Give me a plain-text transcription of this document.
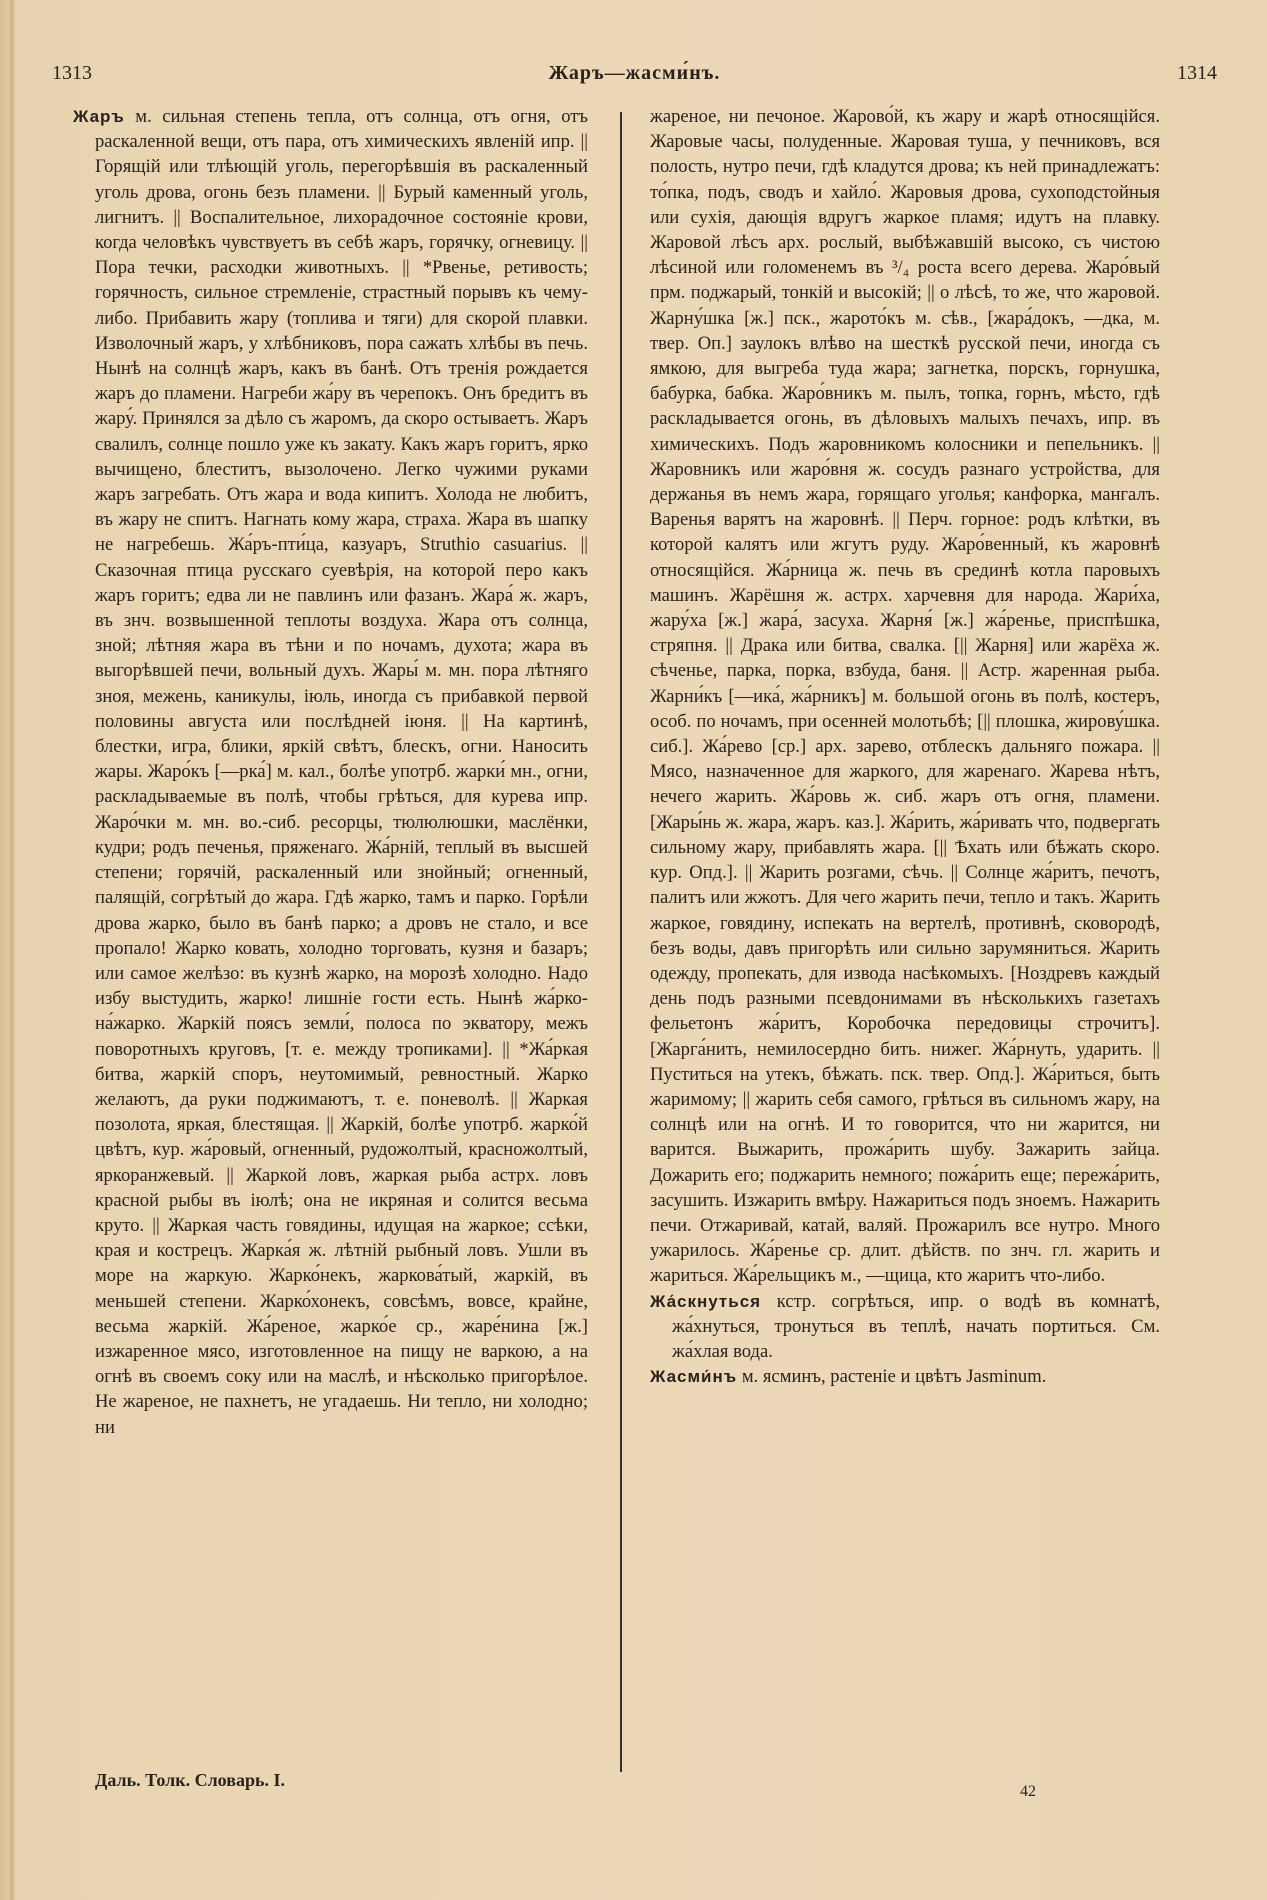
1313	Жаръ—жасми́нъ.	1314

Жаръ м. сильная степень тепла, отъ солнца, отъ огня, отъ раскаленной вещи, отъ пара, отъ химическихъ явленій ипр. || Горящій или тлѣющій уголь, перегорѣвшія въ раскаленный уголь дрова, огонь безъ пламени. || Бурый каменный уголь, лигнитъ. || Воспалительное, лихорадочное состояніе крови, когда человѣкъ чувствуетъ въ себѣ жаръ, горячку, огневицу. || Пора течки, расходки животныхъ. || *Рвенье, ретивость; горячность, сильное стремленіе, страстный порывъ къ чему-либо. Прибавить жару (топлива и тяги) для скорой плавки. Изволочный жаръ, у хлѣбниковъ, пора сажать хлѣбы въ печь. Нынѣ на солнцѣ жаръ, какъ въ банѣ. Отъ тренія рождается жаръ до пламени. Нагреби жа́ру въ черепокъ. Онъ бредитъ въ жару́. Принялся за дѣло съ жаромъ, да скоро остываетъ. Жаръ свалилъ, солнце пошло уже къ закату. Какъ жаръ горитъ, ярко вычищено, блеститъ, вызолочено. Легко чужими руками жаръ загребать. Отъ жара и вода кипитъ. Холода не любитъ, въ жару не спитъ. Нагнать кому жара, страха. Жара въ шапку не нагребешь. Жа́ръ-пти́ца, казуаръ, Struthio casuarius. || Сказочная птица русскаго суевѣрія, на которой перо какъ жаръ горитъ; едва ли не павлинъ или фазанъ. Жара́ ж. жаръ, въ знч. возвышенной теплоты воздуха. Жара отъ солнца, зной; лѣтняя жара въ тѣни и по ночамъ, духота; жара въ выгорѣвшей печи, вольный духъ. Жары́ м. мн. пора лѣтняго зноя, межень, каникулы, іюль, иногда съ прибавкой первой половины августа или послѣдней іюня. || На картинѣ, блестки, игра, блики, яркій свѣтъ, блескъ, огни. Наносить жары. Жаро́къ [—рка́] м. кал., болѣе употрб. жарки́ мн., огни, раскладываемые въ полѣ, чтобы грѣться, для курева ипр. Жаро́чки м. мн. во.-сиб. ресорцы, тюлюлюшки, маслёнки, кудри; родъ печенья, пряженаго. Жа́рній, теплый въ высшей степени; горячій, раскаленный или знойный; огненный, палящій, согрѣтый до жара. Гдѣ жарко, тамъ и парко. Горѣли дрова жарко, было въ банѣ парко; а дровъ не стало, и все пропало! Жарко ковать, холодно торговать, кузня и базаръ; или самое желѣзо: въ кузнѣ жарко, на морозѣ холодно. Надо избу выстудить, жарко! лишніе гости есть. Нынѣ жа́рко-на́жарко. Жаркій поясъ земли́, полоса по экватору, межъ поворотныхъ круговъ, [т. е. между тропиками]. || *Жа́ркая битва, жаркій споръ, неутомимый, ревностный. Жарко желаютъ, да руки поджимаютъ, т. е. поневолѣ. || Жаркая позолота, яркая, блестящая. || Жаркій, болѣе употрб. жарко́й цвѣтъ, кур. жа́ровый, огненный, рудожолтый, красножолтый, яркоранжевый. || Жаркой ловъ, жаркая рыба астрх. ловъ красной рыбы въ іюлѣ; она не икряная и солится весьма круто. || Жаркая часть говядины, идущая на жаркое; ссѣки, края и кострецъ. Жарка́я ж. лѣтній рыбный ловъ. Ушли въ море на жаркую. Жарко́некъ, жаркова́тый, жаркій, въ меньшей степени. Жарко́хонекъ, совсѣмъ, вовсе, крайне, весьма жаркій. Жа́реное, жарко́е ср., жаре́нина [ж.] изжаренное мясо, изготовленное на пищу не варкою, а на огнѣ въ своемъ соку или на маслѣ, и нѣсколько пригорѣлое. Не жареное, не пахнетъ, не угадаешь. Ни тепло, ни холодно; ни

жареное, ни печоное. Жарово́й, къ жару и жарѣ относящійся. Жаровые часы, полуденные. Жаровая туша, у печниковъ, вся полость, нутро печи, гдѣ кладутся дрова; къ ней принадлежатъ: то́пка, подъ, сводъ и хайло́. Жаровыя дрова, сухоподстойныя или сухія, дающія вдругъ жаркое пламя; идутъ на плавку. Жаровой лѣсъ арх. рослый, выбѣжавшій высоко, съ чистою лѣсиной или голоменемъ въ ³/₄ роста всего дерева. Жаро́вый прм. поджарый, тонкій и высокій; || о лѣсѣ, то же, что жаровой. Жарну́шка [ж.] пск., жарото́къ м. сѣв., [жара́докъ, —дка, м. твер. Оп.] заулокъ влѣво на шесткѣ русской печи, иногда съ ямкою, для выгреба туда жара; загнетка, порскъ, горнушка, бабурка, бабка. Жаро́вникъ м. пылъ, топка, горнъ, мѣсто, гдѣ раскладывается огонь, въ дѣловыхъ малыхъ печахъ, ипр. въ химическихъ. Подъ жаровникомъ колосники и пепельникъ. || Жаровникъ или жаро́вня ж. сосудъ разнаго устройства, для держанья въ немъ жара, горящаго уголья; канфорка, мангалъ. Варенья варятъ на жаровнѣ. || Перч. горное: родъ клѣтки, въ которой калятъ или жгутъ руду. Жаро́венный, къ жаровнѣ относящійся. Жа́рница ж. печь въ срединѣ котла паровыхъ машинъ. Жарёшня ж. астрх. харчевня для народа. Жари́ха, жару́ха [ж.] жара́, засуха. Жарня́ [ж.] жа́ренье, приспѣшка, стряпня. || Драка или битва, свалка. [|| Жарня] или жарёха ж. сѣченье, парка, порка, взбуда, баня. || Астр. жаренная рыба. Жарни́къ [—ика́, жа́рникъ] м. большой огонь въ полѣ, костеръ, особ. по ночамъ, при осенней молотьбѣ; [|| плошка, жирову́шка. сиб.]. Жа́рево [ср.] арх. зарево, отблескъ дальняго пожара. || Мясо, назначенное для жаркого, для жаренаго. Жарева нѣтъ, нечего жарить. Жа́ровь ж. сиб. жаръ отъ огня, пламени. [Жары́нь ж. жара, жаръ. каз.]. Жа́рить, жа́ривать что, подвергать сильному жару, прибавлять жара. [|| Ѣхать или бѣжать скоро. кур. Опд.]. || Жарить розгами, сѣчь. || Солнце жа́ритъ, печотъ, палитъ или жжотъ. Для чего жарить печи, тепло и такъ. Жарить жаркое, говядину, испекать на вертелѣ, противнѣ, сковородѣ, безъ воды, давъ пригорѣть или сильно зарумяниться. Жарить одежду, пропекать, для извода насѣкомыхъ. [Ноздревъ каждый день подъ разными псевдонимами въ нѣсколькихъ газетахъ фельетонъ жа́ритъ, Коробочка передовицы строчитъ]. [Жарга́нить, немилосердно бить. нижег. Жа́рнуть, ударить. || Пуститься на утекъ, бѣжать. пск. твер. Опд.]. Жа́риться, быть жаримому; || жарить себя самого, грѣться въ сильномъ жару, на солнцѣ или на огнѣ. И то говорится, что ни жарится, ни варится. Выжарить, прожа́рить шубу. Зажарить зайца. Дожарить его; поджарить немного; пожа́рить еще; пережа́рить, засушить. Изжарить вмѣру. Нажариться подъ зноемъ. Нажарить печи. Отжаривай, катай, валяй. Прожарилъ все нутро. Много ужарилось. Жа́ренье ср. длит. дѣйств. по знч. гл. жарить и жариться. Жа́рельщикъ м., —щица, кто жаритъ что-либо.

Жа́скнуться кстр. согрѣться, ипр. о водѣ въ комнатѣ, жа́хнуться, тронуться въ теплѣ, начать портиться. См. жа́хлая вода.

Жасми́нъ м. ясминъ, растеніе и цвѣтъ Jasminum.

Даль. Толк. Словарь. I.
42
